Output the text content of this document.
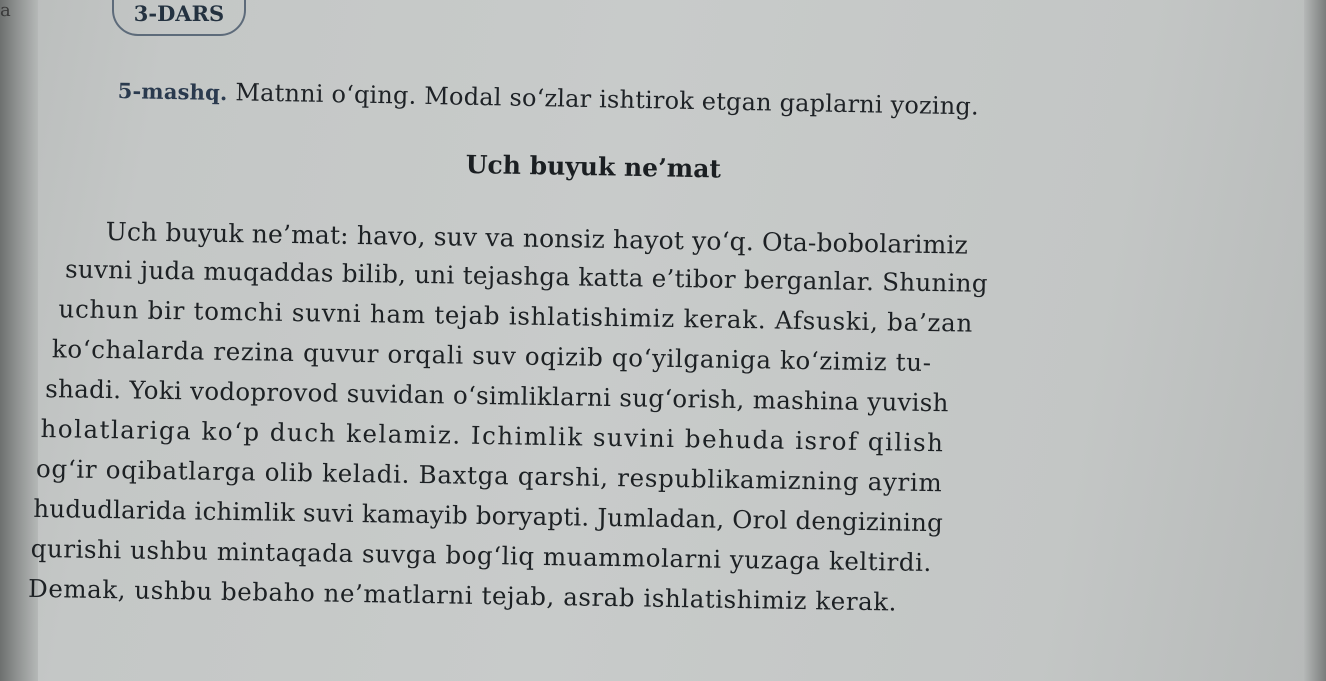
a	3-DARS
5-mashq. Matnni o‘qing. Modal so‘zlar ishtirok etgan gaplarni yozing.
Uch buyuk ne’mat
Uch buyuk ne’mat: havo, suv va nonsiz hayot yo‘q. Ota-bobolarimiz
suvni juda muqaddas bilib, uni tejashga katta e’tibor berganlar. Shuning
uchun bir tomchi suvni ham tejab ishlatishimiz kerak. Afsuski, ba’zan
ko‘chalarda rezina quvur orqali suv oqizib qo‘yilganiga ko‘zimiz tu-
shadi. Yoki vodoprovod suvidan o‘simliklarni sug‘orish, mashina yuvish
holatlariga ko‘p duch kelamiz. Ichimlik suvini behuda isrof qilish
og‘ir oqibatlarga olib keladi. Baxtga qarshi, respublikamizning ayrim
hududlarida ichimlik suvi kamayib boryapti. Jumladan, Orol dengizining
qurishi ushbu mintaqada suvga bog‘liq muammolarni yuzaga keltirdi.
Demak, ushbu bebaho ne’matlarni tejab, asrab ishlatishimiz kerak.
